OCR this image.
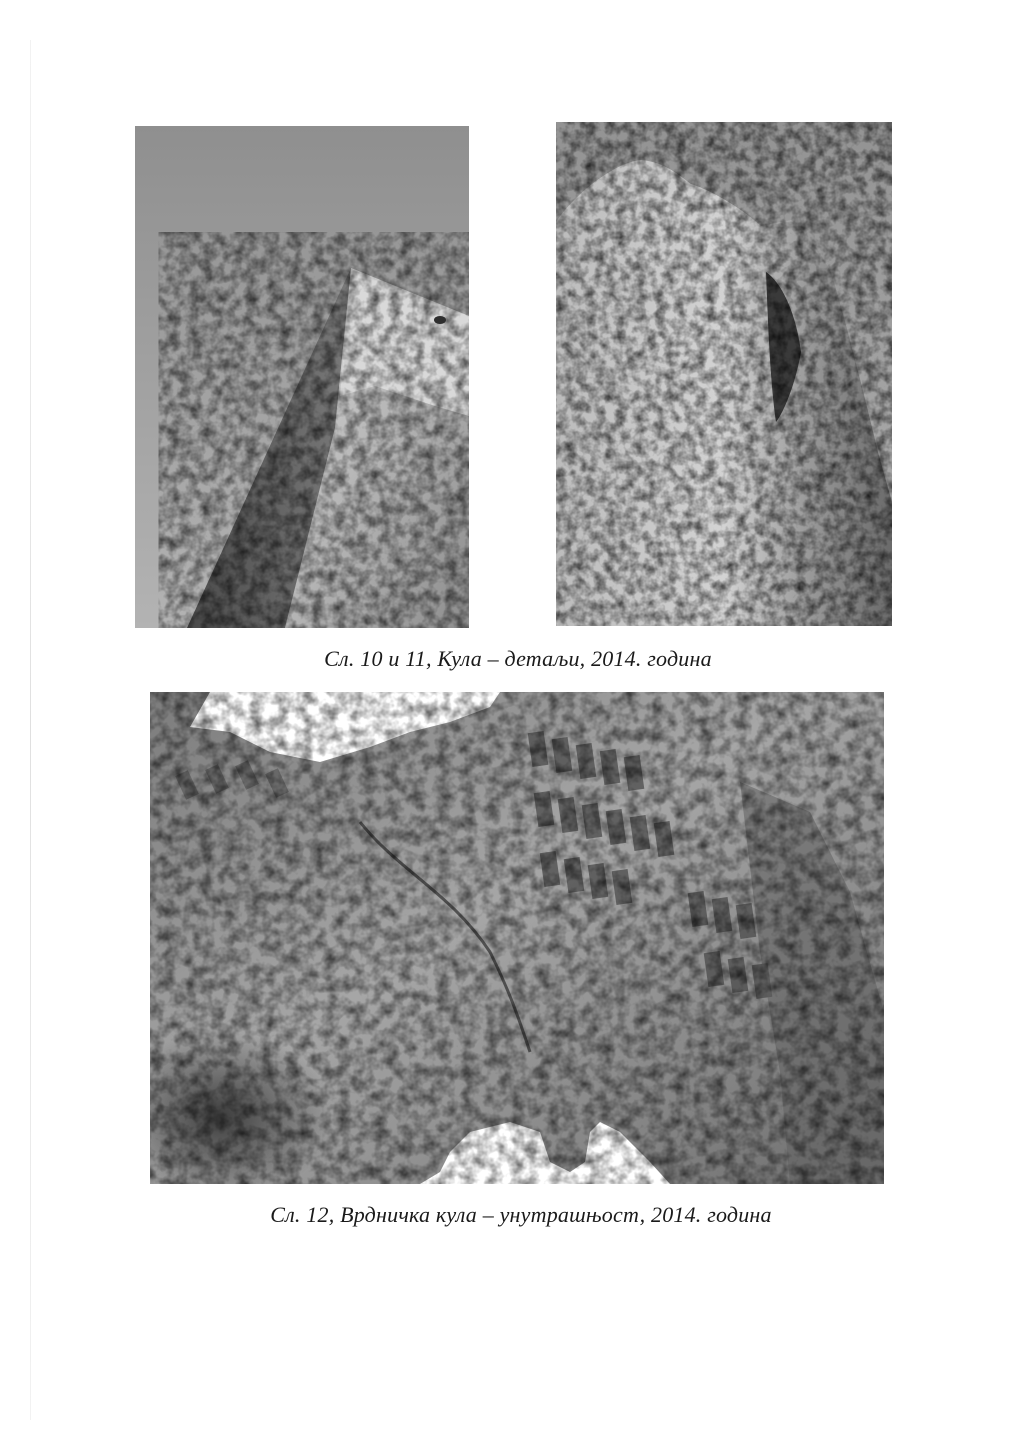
Сл. 10 и 11, Кула – детаљи, 2014. година
Сл. 12, Врдничка кула – унутрашњост, 2014. година
